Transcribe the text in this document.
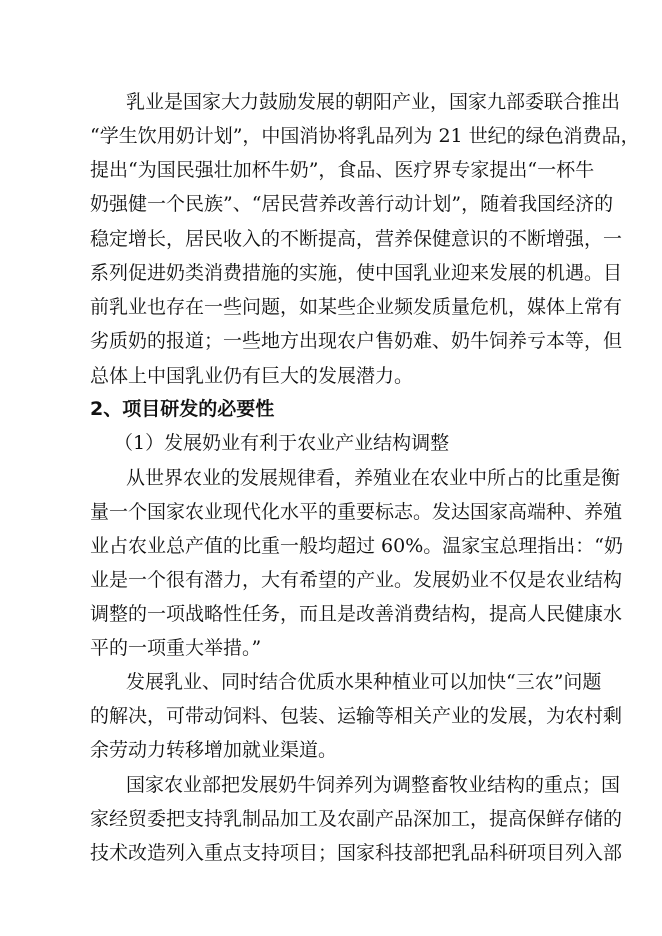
乳业是国家大力鼓励发展的朝阳产业，国家九部委联合推出
“学生饮用奶计划”，中国消协将乳品列为 21 世纪的绿色消费品，
提出“为国民强壮加杯牛奶”，食品、医疗界专家提出“一杯牛
奶强健一个民族”、“居民营养改善行动计划”，随着我国经济的
稳定增长，居民收入的不断提高，营养保健意识的不断增强，一
系列促进奶类消费措施的实施，使中国乳业迎来发展的机遇。目
前乳业也存在一些问题，如某些企业频发质量危机，媒体上常有
劣质奶的报道；一些地方出现农户售奶难、奶牛饲养亏本等，但
总体上中国乳业仍有巨大的发展潜力。
2、项目研发的必要性
（1）发展奶业有利于农业产业结构调整
从世界农业的发展规律看，养殖业在农业中所占的比重是衡
量一个国家农业现代化水平的重要标志。发达国家高端种、养殖
业占农业总产值的比重一般均超过 60%。温家宝总理指出：“奶
业是一个很有潜力，大有希望的产业。发展奶业不仅是农业结构
调整的一项战略性任务，而且是改善消费结构，提高人民健康水
平的一项重大举措。”
发展乳业、同时结合优质水果种植业可以加快“三农”问题
的解决，可带动饲料、包装、运输等相关产业的发展，为农村剩
余劳动力转移增加就业渠道。
国家农业部把发展奶牛饲养列为调整畜牧业结构的重点；国
家经贸委把支持乳制品加工及农副产品深加工，提高保鲜存储的
技术改造列入重点支持项目；国家科技部把乳品科研项目列入部
